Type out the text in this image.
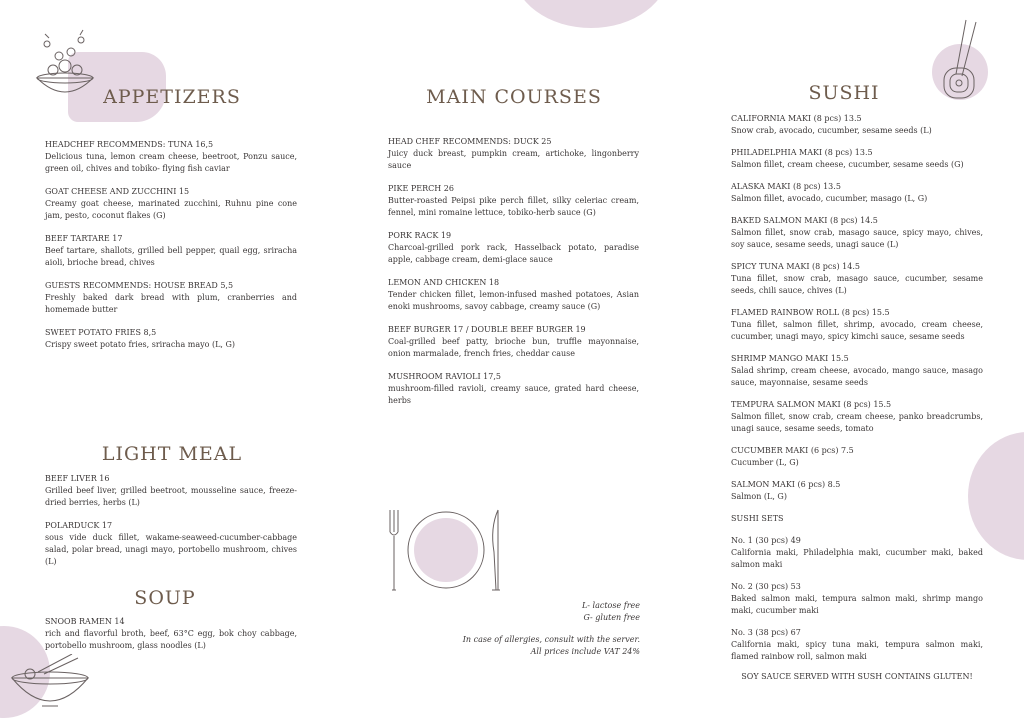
APPETIZERS	MAIN COURSES	SUSHI
LIGHT MEAL
SOUP
HEADCHEF RECOMMENDS: TUNA 16,5
Delicious tuna, lemon cream cheese, beetroot, Ponzu sauce, green oil, chives and tobiko- flying fish caviar
GOAT CHEESE AND ZUCCHINI 15
Creamy goat cheese, marinated zucchini, Ruhnu pine cone jam, pesto, coconut flakes (G)
BEEF TARTARE 17
Beef tartare, shallots, grilled bell pepper, quail egg, sriracha aioli, brioche bread, chives
GUESTS RECOMMENDS: HOUSE BREAD 5,5
Freshly baked dark bread with plum, cranberries and homemade butter
SWEET POTATO FRIES 8,5
Crispy sweet potato fries, sriracha mayo (L, G)
BEEF LIVER 16
Grilled beef liver, grilled beetroot, mousseline sauce, freeze-dried berries, herbs (L)
POLARDUCK 17
sous vide duck fillet, wakame-seaweed-cucumber-cabbage salad, polar bread, unagi mayo, portobello mushroom, chives (L)
SNOOB RAMEN 14
rich and flavorful broth, beef, 63°C egg, bok choy cabbage, portobello mushroom, glass noodles (L)
HEAD CHEF RECOMMENDS: DUCK 25
Juicy duck breast, pumpkin cream, artichoke, lingonberry sauce
PIKE PERCH 26
Butter-roasted Peipsi pike perch fillet, silky celeriac cream, fennel, mini romaine lettuce, tobiko-herb sauce (G)
PORK RACK 19
Charcoal-grilled pork rack, Hasselback potato, paradise apple, cabbage cream, demi-glace sauce
LEMON AND CHICKEN 18
Tender chicken fillet, lemon-infused mashed potatoes, Asian enoki mushrooms, savoy cabbage, creamy sauce (G)
BEEF BURGER 17 / DOUBLE BEEF BURGER 19
Coal-grilled beef patty, brioche bun, truffle mayonnaise, onion marmalade, french fries, cheddar cause
MUSHROOM RAVIOLI 17,5
mushroom-filled ravioli, creamy sauce, grated hard cheese, herbs
L- lactose free
G- gluten free
In case of allergies, consult with the server.
All prices include VAT 24%
CALIFORNIA MAKI (8 pcs) 13.5
Snow crab, avocado, cucumber, sesame seeds (L)
PHILADELPHIA MAKI (8 pcs) 13.5
Salmon fillet, cream cheese, cucumber, sesame seeds (G)
ALASKA MAKI (8 pcs) 13.5
Salmon fillet, avocado, cucumber, masago (L, G)
BAKED SALMON MAKI (8 pcs) 14.5
Salmon fillet, snow crab, masago sauce, spicy mayo, chives, soy sauce, sesame seeds, unagi sauce (L)
SPICY TUNA MAKI (8 pcs) 14.5
Tuna fillet, snow crab, masago sauce, cucumber, sesame seeds, chili sauce, chives (L)
FLAMED RAINBOW ROLL (8 pcs) 15.5
Tuna fillet, salmon fillet, shrimp, avocado, cream cheese, cucumber, unagi mayo, spicy kimchi sauce, sesame seeds
SHRIMP MANGO MAKI 15.5
Salad shrimp, cream cheese, avocado, mango sauce, masago sauce, mayonnaise, sesame seeds
TEMPURA SALMON MAKI (8 pcs) 15.5
Salmon fillet, snow crab, cream cheese, panko breadcrumbs, unagi sauce, sesame seeds, tomato
CUCUMBER MAKI (6 pcs) 7.5
Cucumber (L, G)
SALMON MAKI (6 pcs) 8.5
Salmon (L, G)
SUSHI SETS
No. 1 (30 pcs) 49
California maki, Philadelphia maki, cucumber maki, baked salmon maki
No. 2 (30 pcs) 53
Baked salmon maki, tempura salmon maki, shrimp mango maki, cucumber maki
No. 3 (38 pcs) 67
California maki, spicy tuna maki, tempura salmon maki, flamed rainbow roll, salmon maki
SOY SAUCE SERVED WITH SUSH CONTAINS GLUTEN!
